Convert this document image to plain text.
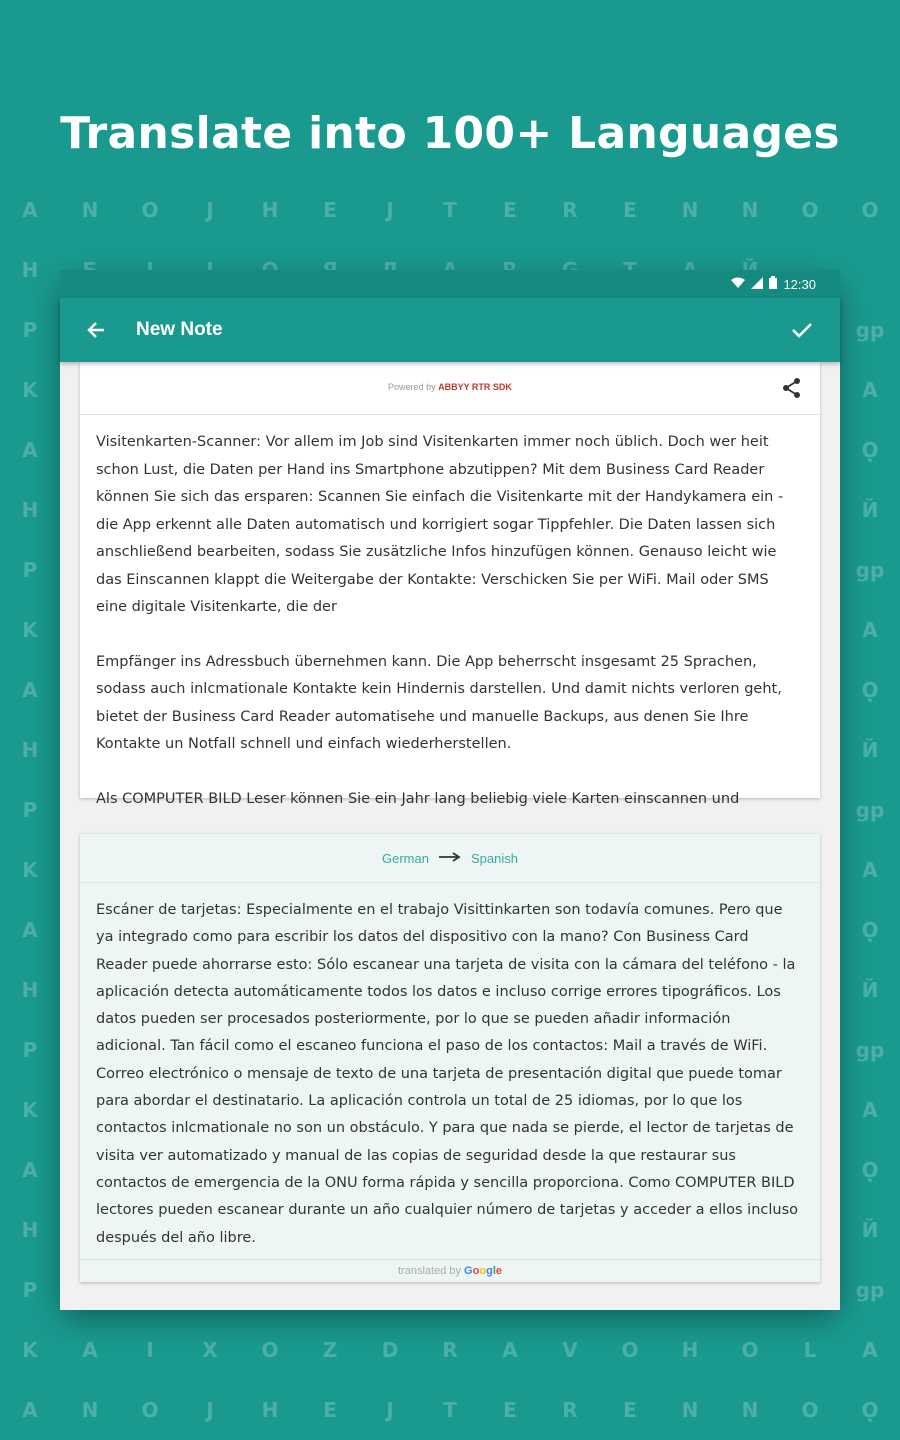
A	N	O	J	H	E	J	T	E	R	E	N	N	O	O
H
P	gp
K	A
A	Ọ
H	Й
P	gp
K	A
A	Ọ
H	Й
P	gp
K	A
A	Ọ
H	Й
P	gp
K	A
A	Ọ
H	Й
P	gp
K	A	I	X	O	Z	D	R	A	V	O	H	O	L	A
A	N	O	J	H	E	J	T	E	R	E	N	N	O	Ọ
Translate into 100+ Languages
12:30
New Note
Powered by ABBYY RTR SDK

Visitenkarten-Scanner: Vor allem im Job sind Visitenkarten immer noch üblich. Doch wer heit schon Lust, die Daten per Hand ins Smartphone abzutippen? Mit dem Business Card Reader können Sie sich das ersparen: Scannen Sie einfach die Visitenkarte mit der Handykamera ein - die App erkennt alle Daten automatisch und korrigiert sogar Tippfehler. Die Daten lassen sich anschließend bearbeiten, sodass Sie zusätzliche Infos hinzufügen können. Genauso leicht wie das Einscannen klappt die Weitergabe der Kontakte: Verschicken Sie per WiFi. Mail oder SMS eine digitale Visitenkarte, die der

Empfänger ins Adressbuch übernehmen kann. Die App beherrscht insgesamt 25 Sprachen, sodass auch inlcmationale Kontakte kein Hindernis darstellen. Und damit nichts verloren geht, bietet der Business Card Reader automatisehe und manuelle Backups, aus denen Sie Ihre Kontakte un Notfall schnell und einfach wiederherstellen.

Als COMPUTER BILD Leser können Sie ein Jahr lang beliebig viele Karten einscannen und

German	Spanish
Escáner de tarjetas: Especialmente en el trabajo Visittinkarten son todavía comunes. Pero que ya integrado como para escribir los datos del dispositivo con la mano? Con Business Card Reader puede ahorrarse esto: Sólo escanear una tarjeta de visita con la cámara del teléfono - la aplicación detecta automáticamente todos los datos e incluso corrige errores tipográficos. Los datos pueden ser procesados posteriormente, por lo que se pueden añadir información adicional. Tan fácil como el escaneo funciona el paso de los contactos: Mail a través de WiFi. Correo electrónico o mensaje de texto de una tarjeta de presentación digital que puede tomar para abordar el destinatario. La aplicación controla un total de 25 idiomas, por lo que los contactos inlcmationale no son un obstáculo. Y para que nada se pierde, el lector de tarjetas de visita ver automatizado y manual de las copias de seguridad desde la que restaurar sus contactos de emergencia de la ONU forma rápida y sencilla proporciona. Como COMPUTER BILD lectores pueden escanear durante un año cualquier número de tarjetas y acceder a ellos incluso después del año libre.
translated by Google
